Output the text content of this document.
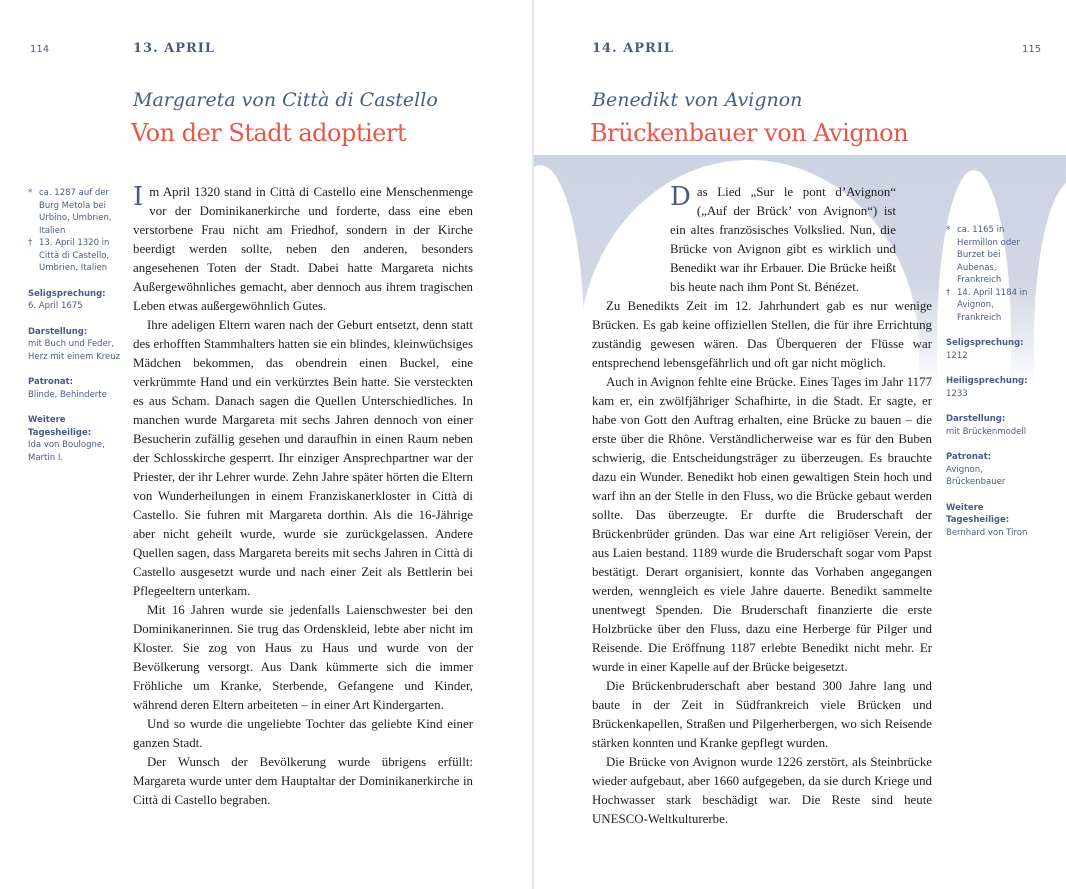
114	13. APRIL
Margareta von Città di Castello
Von der Stadt adoptiert
* ca. 1287 auf der Burg Metola bei Urbino, Umbrien, Italien
† 13. April 1320 in Città di Castello, Umbrien, Italien
Seligsprechung:
6. April 1675
Darstellung:
mit Buch und Feder, Herz mit einem Kreuz
Patronat:
Blinde, Behinderte
Weitere Tagesheilige:
Ida von Boulogne, Martin I.

Im April 1320 stand in Città di Castello eine Menschenmenge vor der Dominikanerkirche und forderte, dass eine eben verstorbene Frau nicht am Friedhof, sondern in der Kirche beerdigt werden sollte, neben den anderen, besonders angesehenen Toten der Stadt. Dabei hatte Margareta nichts Außergewöhnliches gemacht, aber dennoch aus ihrem tragischen Leben etwas außergewöhnlich Gutes.

Ihre adeligen Eltern waren nach der Geburt entsetzt, denn statt des erhofften Stammhalters hatten sie ein blindes, kleinwüchsiges Mädchen bekommen, das obendrein einen Buckel, eine verkrümmte Hand und ein verkürztes Bein hatte. Sie versteckten es aus Scham. Danach sagen die Quellen Unterschiedliches. In manchen wurde Margareta mit sechs Jahren dennoch von einer Besucherin zufällig gesehen und daraufhin in einen Raum neben der Schlosskirche gesperrt. Ihr einziger Ansprechpartner war der Priester, der ihr Lehrer wurde. Zehn Jahre später hörten die Eltern von Wunderheilungen in einem Franziskanerkloster in Città di Castello. Sie fuhren mit Margareta dorthin. Als die 16-Jährige aber nicht geheilt wurde, wurde sie zurückgelassen. Andere Quellen sagen, dass Margareta bereits mit sechs Jahren in Città di Castello ausgesetzt wurde und nach einer Zeit als Bettlerin bei Pflegeeltern unterkam.

Mit 16 Jahren wurde sie jedenfalls Laienschwester bei den Dominikanerinnen. Sie trug das Ordenskleid, lebte aber nicht im Kloster. Sie zog von Haus zu Haus und wurde von der Bevölkerung versorgt. Aus Dank kümmerte sich die immer Fröhliche um Kranke, Sterbende, Gefangene und Kinder, während deren Eltern arbeiteten – in einer Art Kindergarten.

Und so wurde die ungeliebte Tochter das geliebte Kind einer ganzen Stadt.

Der Wunsch der Bevölkerung wurde übrigens erfüllt: Margareta wurde unter dem Hauptaltar der Dominikanerkirche in Città di Castello begraben.

14. APRIL	115
Benedikt von Avignon
Brückenbauer von Avignon

Das Lied „Sur le pont d’Avignon“ („Auf der Brück’ von Avignon“) ist ein altes französisches Volkslied. Nun, die Brücke von Avignon gibt es wirklich und Benedikt war ihr Erbauer. Die Brücke heißt bis heute nach ihm Pont St. Bénézet.

Zu Benedikts Zeit im 12. Jahrhundert gab es nur wenige Brücken. Es gab keine offiziellen Stellen, die für ihre Errichtung zuständig gewesen wären. Das Überqueren der Flüsse war entsprechend lebensgefährlich und oft gar nicht möglich.

Auch in Avignon fehlte eine Brücke. Eines Tages im Jahr 1177 kam er, ein zwölfjähriger Schafhirte, in die Stadt. Er sagte, er habe von Gott den Auftrag erhalten, eine Brücke zu bauen – die erste über die Rhône. Verständlicherweise war es für den Buben schwierig, die Entscheidungsträger zu überzeugen. Es brauchte dazu ein Wunder. Benedikt hob einen gewaltigen Stein hoch und warf ihn an der Stelle in den Fluss, wo die Brücke gebaut werden sollte. Das überzeugte. Er durfte die Bruderschaft der Brückenbrüder gründen. Das war eine Art religiöser Verein, der aus Laien bestand. 1189 wurde die Bruderschaft sogar vom Papst bestätigt. Derart organisiert, konnte das Vorhaben angegangen werden, wenngleich es viele Jahre dauerte. Benedikt sammelte unentwegt Spenden. Die Bruderschaft finanzierte die erste Holzbrücke über den Fluss, dazu eine Herberge für Pilger und Reisende. Die Eröffnung 1187 erlebte Benedikt nicht mehr. Er wurde in einer Kapelle auf der Brücke beigesetzt.

Die Brückenbruderschaft aber bestand 300 Jahre lang und baute in der Zeit in Südfrankreich viele Brücken und Brückenkapellen, Straßen und Pilgerherbergen, wo sich Reisende stärken konnten und Kranke gepflegt wurden.

Die Brücke von Avignon wurde 1226 zerstört, als Steinbrücke wieder aufgebaut, aber 1660 aufgegeben, da sie durch Kriege und Hochwasser stark beschädigt war. Die Reste sind heute UNESCO-Weltkulturerbe.

* ca. 1165 in Hermillon oder Burzet bei Aubenas, Frankreich
† 14. April 1184 in Avignon, Frankreich
Seligsprechung:
1212
Heiligsprechung:
1233
Darstellung:
mit Brückenmodell
Patronat:
Avignon, Brückenbauer
Weitere Tagesheilige:
Bernhard von Tiron
